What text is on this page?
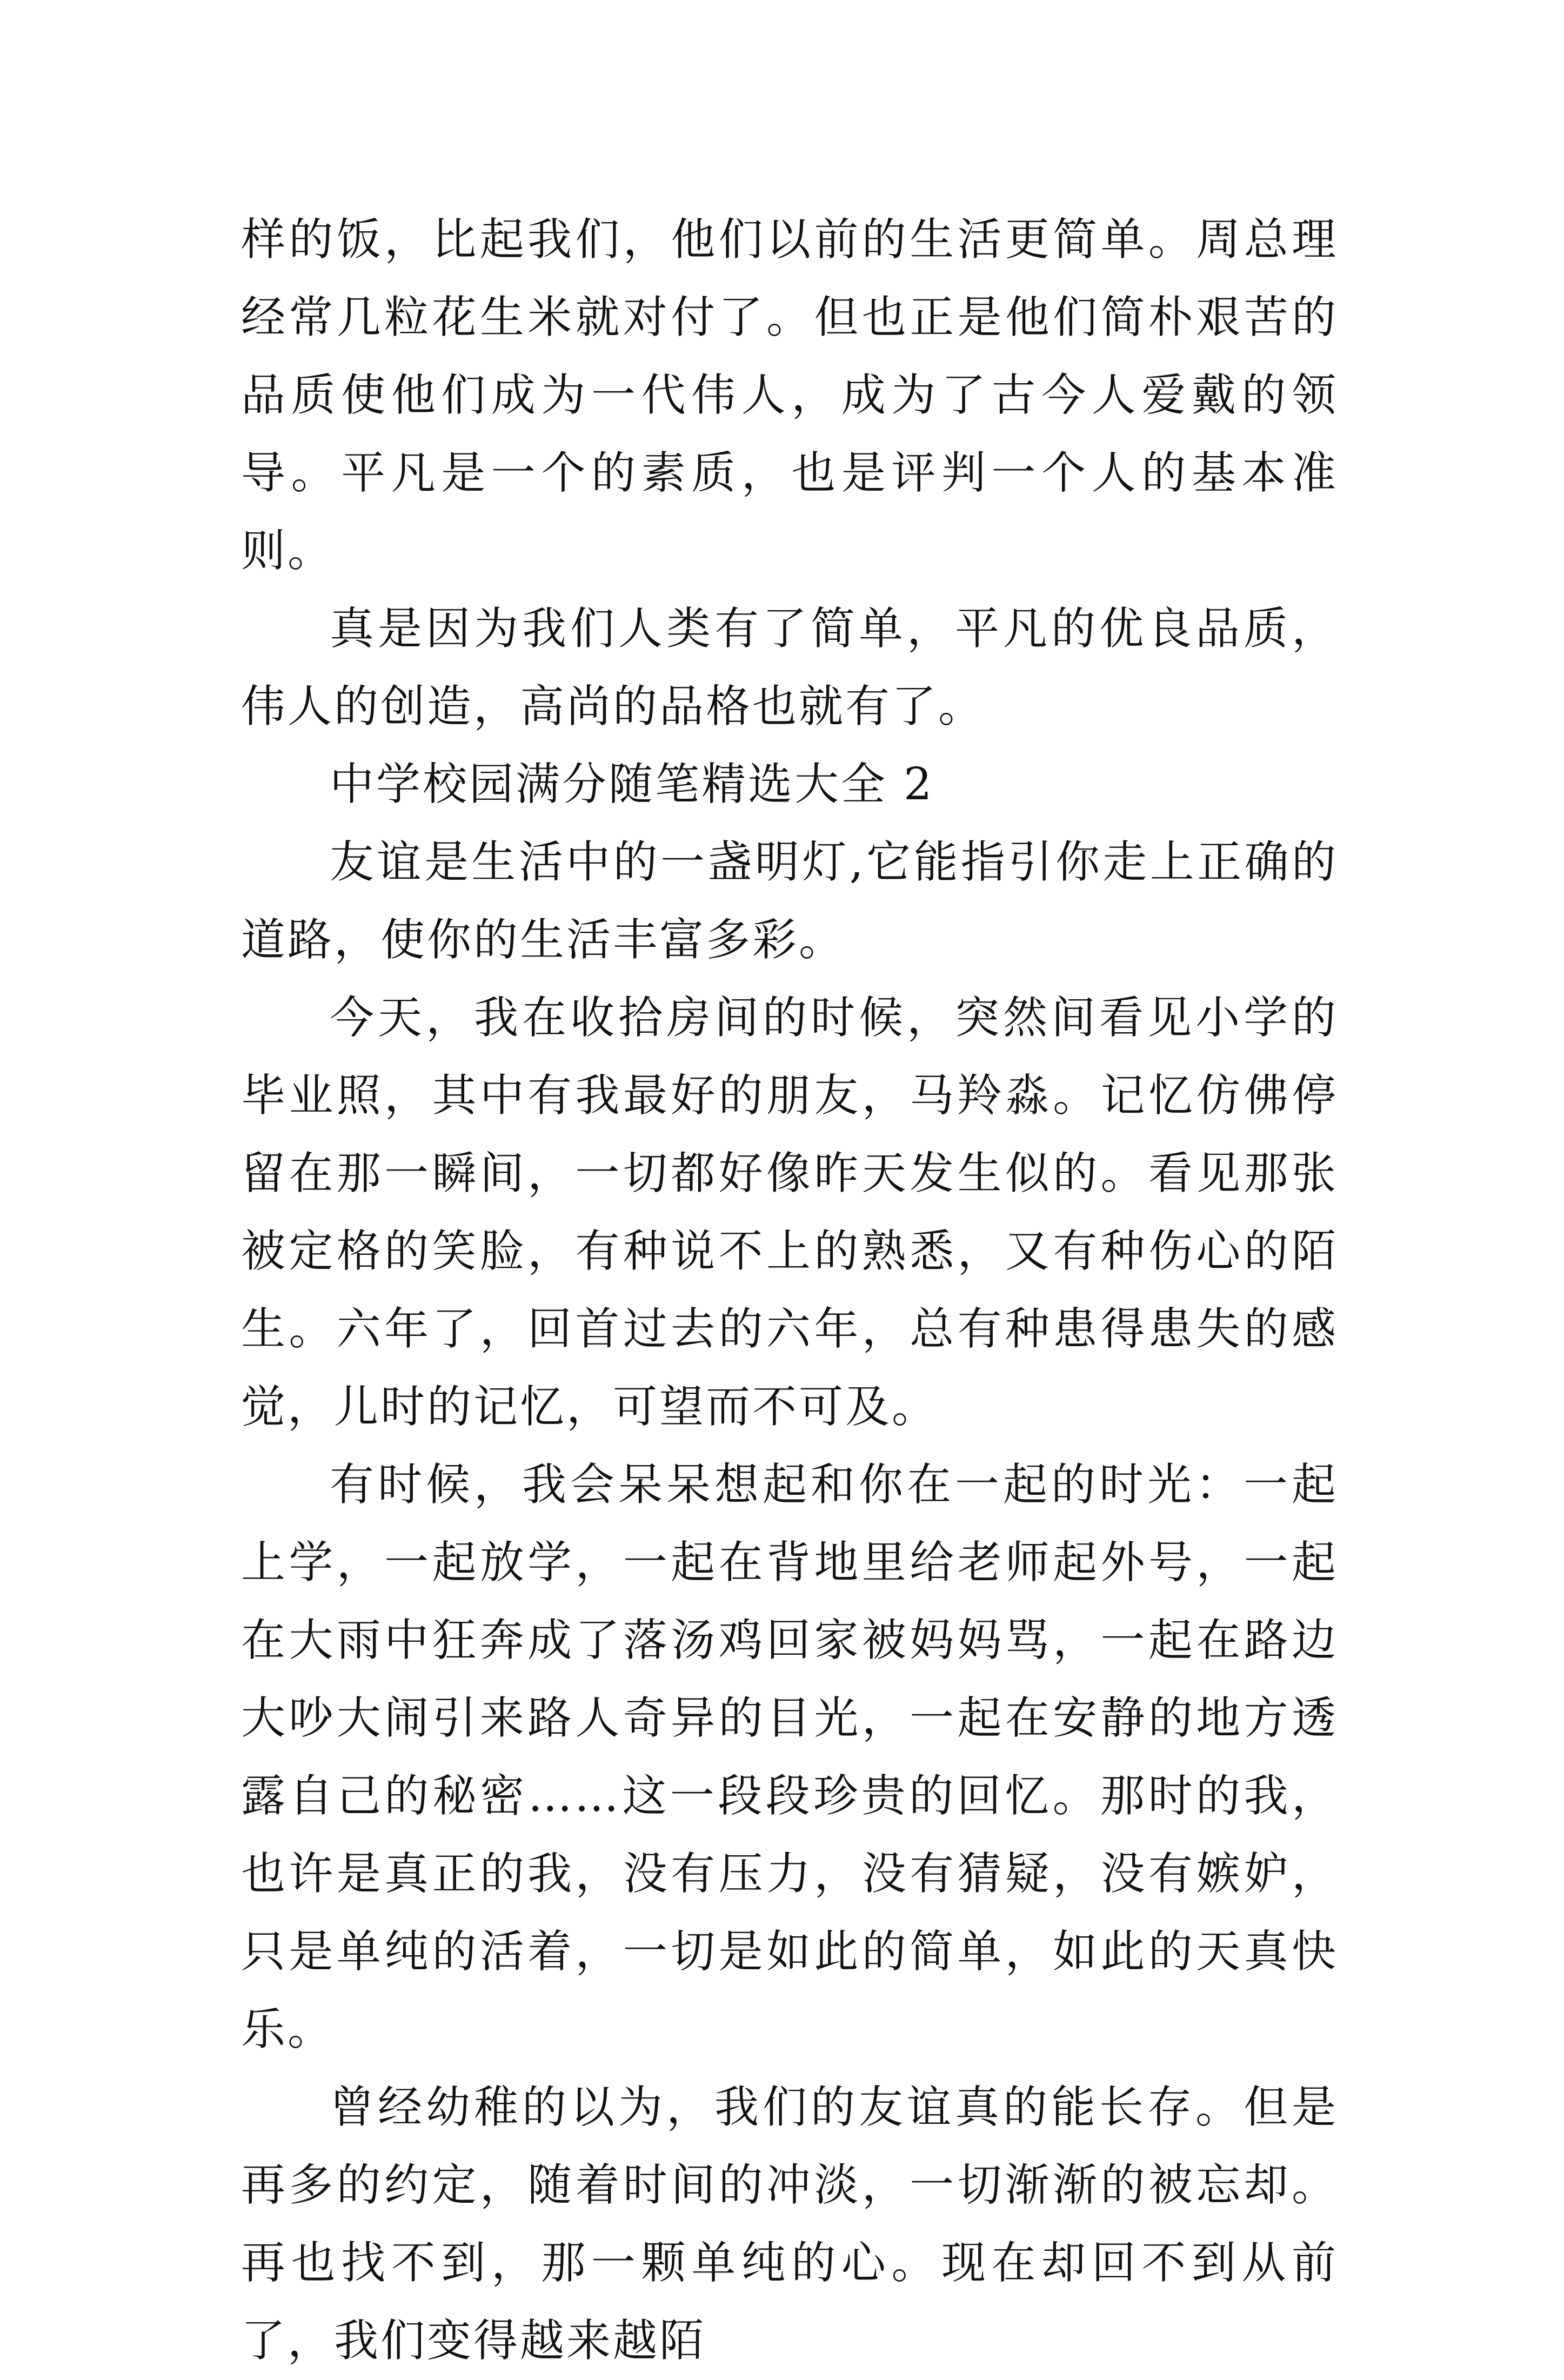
样的饭，比起我们，他们以前的生活更简单。周总理经常几粒花生米就对付了。但也正是他们简朴艰苦的品质使他们成为一代伟人，成为了古今人爱戴的领导。平凡是一个的素质，也是评判一个人的基本准则。

真是因为我们人类有了简单，平凡的优良品质，伟人的创造，高尚的品格也就有了。

中学校园满分随笔精选大全 2

友谊是生活中的一盏明灯,它能指引你走上正确的道路，使你的生活丰富多彩。

今天，我在收拾房间的时候，突然间看见小学的毕业照，其中有我最好的朋友，马羚淼。记忆仿佛停留在那一瞬间，一切都好像昨天发生似的。看见那张被定格的笑脸，有种说不上的熟悉，又有种伤心的陌生。六年了，回首过去的六年，总有种患得患失的感觉，儿时的记忆，可望而不可及。

有时候，我会呆呆想起和你在一起的时光：一起上学，一起放学，一起在背地里给老师起外号，一起在大雨中狂奔成了落汤鸡回家被妈妈骂，一起在路边大吵大闹引来路人奇异的目光，一起在安静的地方透露自己的秘密……这一段段珍贵的回忆。那时的我，也许是真正的我，没有压力，没有猜疑，没有嫉妒，只是单纯的活着，一切是如此的简单，如此的天真快乐。

曾经幼稚的以为，我们的友谊真的能长存。但是再多的约定，随着时间的冲淡，一切渐渐的被忘却。再也找不到，那一颗单纯的心。现在却回不到从前了，我们变得越来越陌
